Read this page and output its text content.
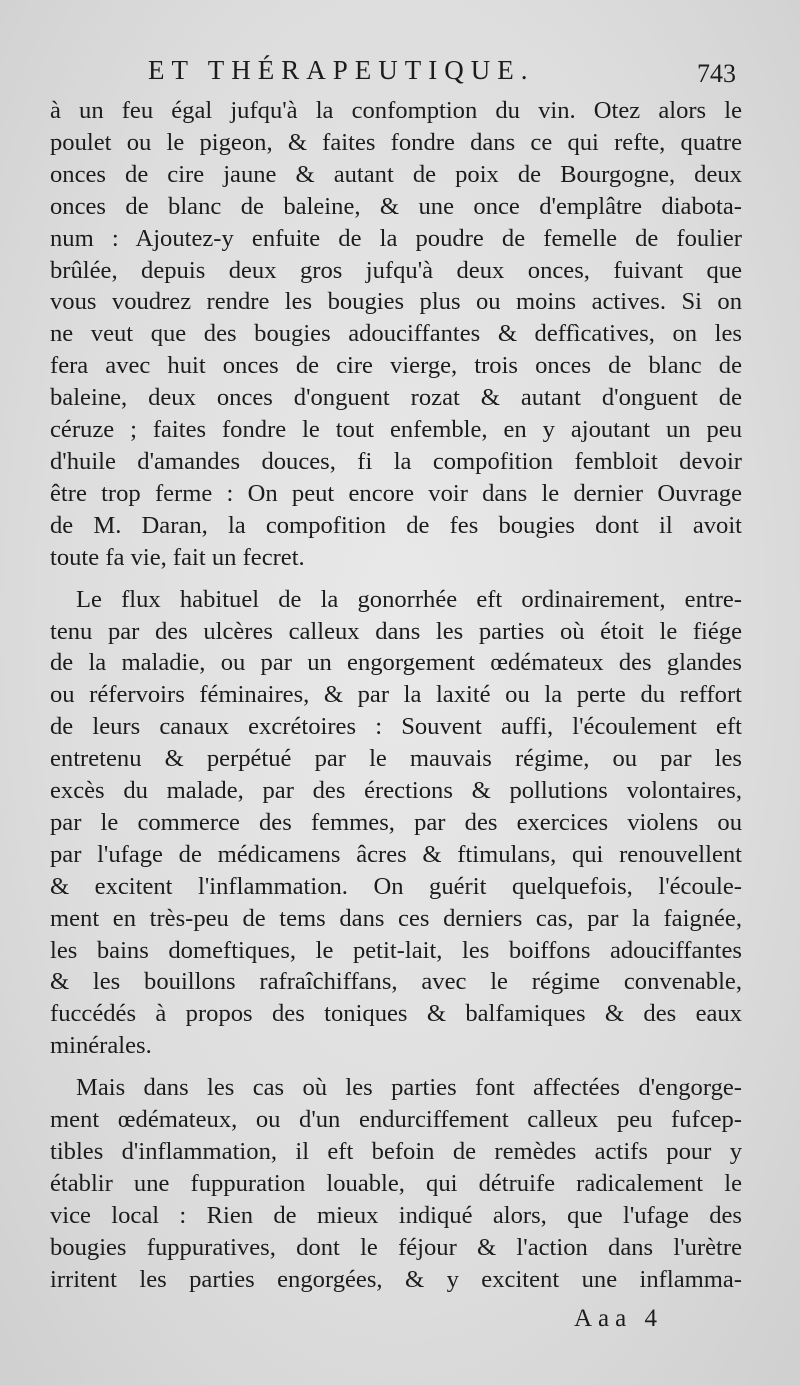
ET THÉRAPEUTIQUE.	743

à un feu égal jufqu'à la confomption du vin. Otez alors le
poulet ou le pigeon, & faites fondre dans ce qui refte, quatre
onces de cire jaune & autant de poix de Bourgogne, deux
onces de blanc de baleine, & une once d'emplâtre diabota-
num : Ajoutez-y enfuite de la poudre de femelle de foulier
brûlée, depuis deux gros jufqu'à deux onces, fuivant que
vous voudrez rendre les bougies plus ou moins actives. Si on
ne veut que des bougies adouciffantes & deffìcatives, on les
fera avec huit onces de cire vierge, trois onces de blanc de
baleine, deux onces d'onguent rozat & autant d'onguent de
céruze ; faites fondre le tout enfemble, en y ajoutant un peu
d'huile d'amandes douces, fi la compofition fembloit devoir
être trop ferme : On peut encore voir dans le dernier Ouvrage
de M. Daran, la compofition de fes bougies dont il avoit
toute fa vie, fait un fecret.

Le flux habituel de la gonorrhée eft ordinairement, entre-
tenu par des ulcères calleux dans les parties où étoit le fiége
de la maladie, ou par un engorgement œdémateux des glandes
ou réfervoirs féminaires, & par la laxité ou la perte du reffort
de leurs canaux excrétoires : Souvent auffi, l'écoulement eft
entretenu & perpétué par le mauvais régime, ou par les
excès du malade, par des érections & pollutions volontaires,
par le commerce des femmes, par des exercices violens ou
par l'ufage de médicamens âcres & ftimulans, qui renouvellent
& excitent l'inflammation. On guérit quelquefois, l'écoule-
ment en très-peu de tems dans ces derniers cas, par la faignée,
les bains domeftiques, le petit-lait, les boiffons adouciffantes
& les bouillons rafraîchiffans, avec le régime convenable,
fuccédés à propos des toniques & balfamiques & des eaux
minérales.

Mais dans les cas où les parties font affectées d'engorge-
ment œdémateux, ou d'un endurciffement calleux peu fufcep-
tibles d'inflammation, il eft befoin de remèdes actifs pour y
établir une fuppuration louable, qui détruife radicalement le
vice local : Rien de mieux indiqué alors, que l'ufage des
bougies fuppuratives, dont le féjour & l'action dans l'urètre
irritent les parties engorgées, & y excitent une inflamma-

Aaa 4
